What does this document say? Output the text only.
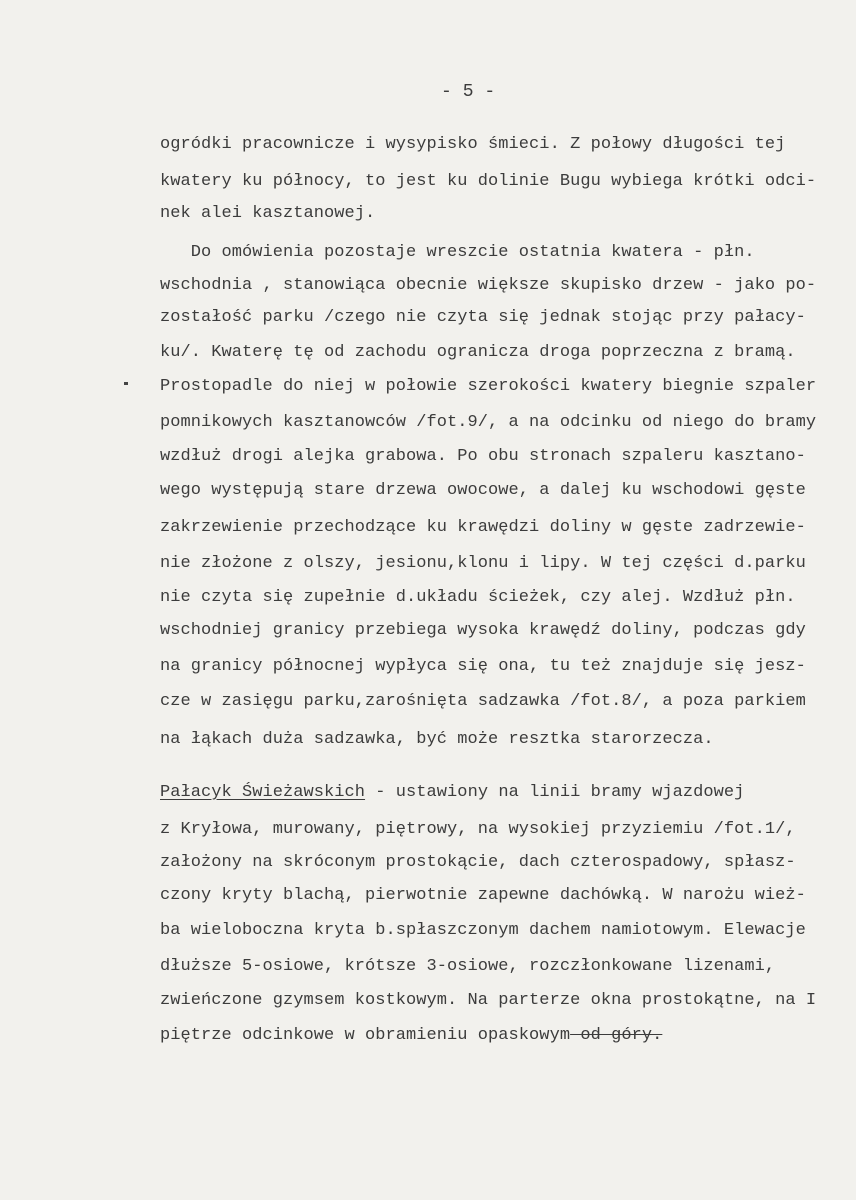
- 5 -
ogródki pracownicze i wysypisko śmieci. Z połowy długości tej
kwatery ku północy, to jest ku dolinie Bugu wybiega krótki odci-
nek alei kasztanowej.
Do omówienia pozostaje wreszcie ostatnia kwatera - płn.
wschodnia , stanowiąca obecnie większe skupisko drzew - jako po-
zostałość parku /czego nie czyta się jednak stojąc przy pałacy-
ku/. Kwaterę tę od zachodu ogranicza droga poprzeczna z bramą.
Prostopadle do niej w połowie szerokości kwatery biegnie szpaler
pomnikowych kasztanowców /fot.9/, a na odcinku od niego do bramy
wzdłuż drogi alejka grabowa. Po obu stronach szpaleru kasztano-
wego występują stare drzewa owocowe, a dalej ku wschodowi gęste
zakrzewienie przechodzące ku krawędzi doliny w gęste zadrzewie-
nie złożone z olszy, jesionu,klonu i lipy. W tej części d.parku
nie czyta się zupełnie d.układu ścieżek, czy alej. Wzdłuż płn.
wschodniej granicy przebiega wysoka krawędź doliny, podczas gdy
na granicy północnej wypłyca się ona, tu też znajduje się jesz-
cze w zasięgu parku,zarośnięta sadzawka /fot.8/, a poza parkiem
na łąkach duża sadzawka, być może resztka starorzecza.
Pałacyk Świeżawskich - ustawiony na linii bramy wjazdowej
z Kryłowa, murowany, piętrowy, na wysokiej przyziemiu /fot.1/,
założony na skróconym prostokącie, dach czterospadowy, spłasz-
czony kryty blachą, pierwotnie zapewne dachówką. W narożu wież-
ba wieloboczna kryta b.spłaszczonym dachem namiotowym. Elewacje
dłuższe 5-osiowe, krótsze 3-osiowe, rozczłonkowane lizenami,
zwieńczone gzymsem kostkowym. Na parterze okna prostokątne, na I
piętrze odcinkowe w obramieniu opaskowym od góry.
